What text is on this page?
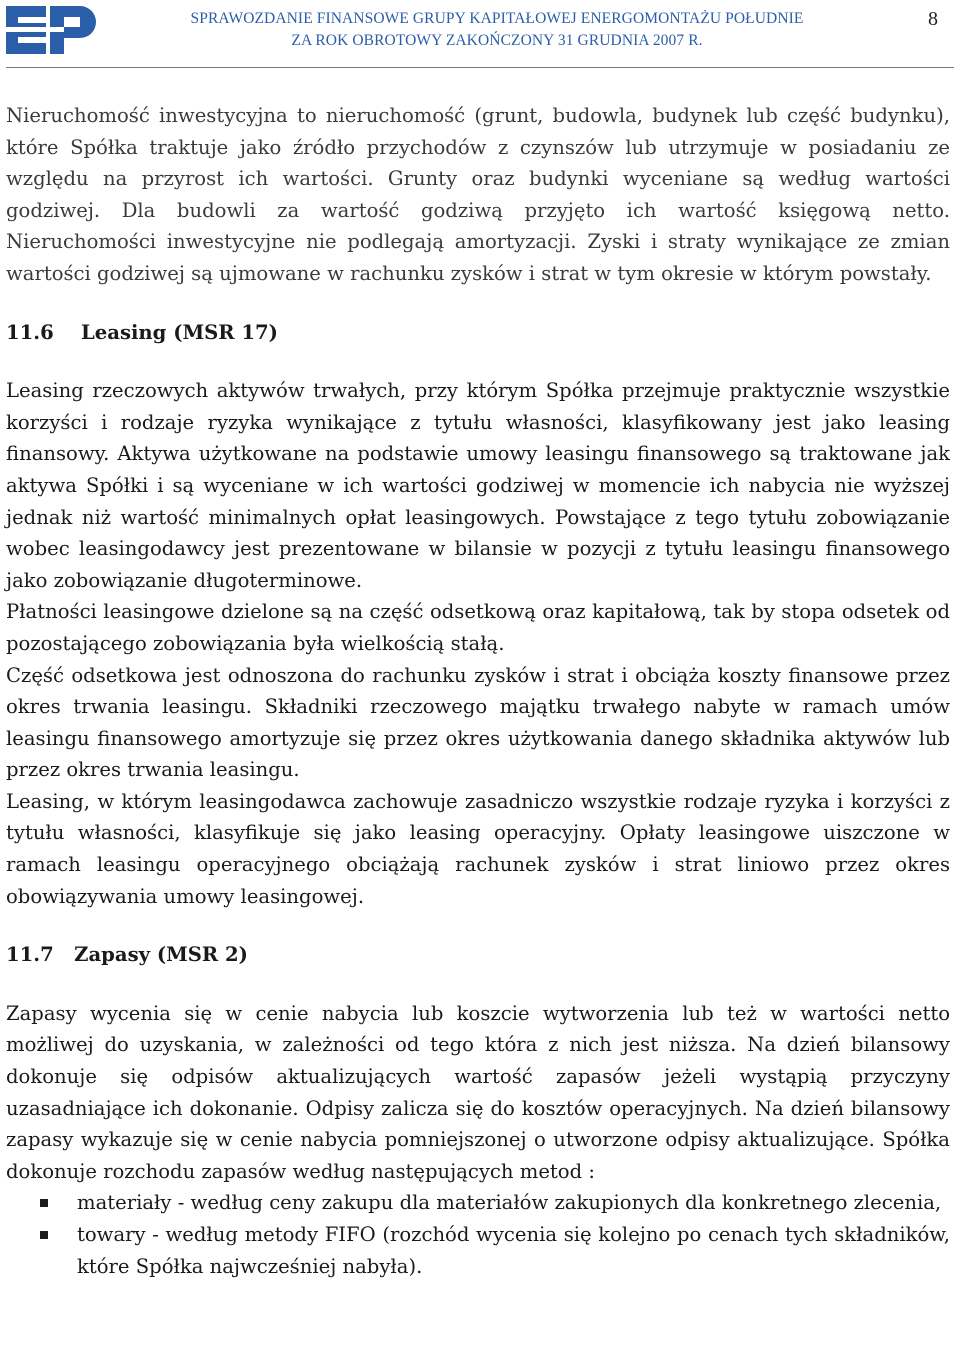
SPRAWOZDANIE FINANSOWE GRUPY KAPITAŁOWEJ ENERGOMONTAŻU POŁUDNIE
ZA ROK OBROTOWY ZAKOŃCZONY 31 GRUDNIA 2007 R.
8

Nieruchomość inwestycyjna to nieruchomość (grunt, budowla, budynek lub część budynku), które Spółka traktuje jako źródło przychodów z czynszów lub utrzymuje w posiadaniu ze względu na przyrost ich wartości. Grunty oraz budynki wyceniane są według wartości godziwej. Dla budowli za wartość godziwą przyjęto ich wartość księgową netto. Nieruchomości inwestycyjne nie podlegają amortyzacji. Zyski i straty wynikające ze zmian wartości godziwej są ujmowane w rachunku zysków i strat w tym okresie w którym powstały.

11.6    Leasing (MSR 17)

Leasing rzeczowych aktywów trwałych, przy którym Spółka przejmuje praktycznie wszystkie korzyści i rodzaje ryzyka wynikające z tytułu własności, klasyfikowany jest jako leasing finansowy. Aktywa użytkowane na podstawie umowy leasingu finansowego są traktowane jak aktywa Spółki i są wyceniane w ich wartości godziwej w momencie ich nabycia nie wyższej jednak niż wartość minimalnych opłat leasingowych. Powstające z tego tytułu zobowiązanie wobec leasingodawcy jest prezentowane w bilansie w pozycji z tytułu leasingu finansowego jako zobowiązanie długoterminowe.

Płatności leasingowe dzielone są na część odsetkową oraz kapitałową, tak by stopa odsetek od pozostającego zobowiązania była wielkością stałą.

Część odsetkowa jest odnoszona do rachunku zysków i strat i obciąża koszty finansowe przez okres trwania leasingu. Składniki rzeczowego majątku trwałego nabyte w ramach umów leasingu finansowego amortyzuje się przez okres użytkowania danego składnika aktywów lub przez okres trwania leasingu.

Leasing, w którym leasingodawca zachowuje zasadniczo wszystkie rodzaje ryzyka i korzyści z tytułu własności, klasyfikuje się jako leasing operacyjny. Opłaty leasingowe uiszczone w ramach leasingu operacyjnego obciążają rachunek zysków i strat liniowo przez okres obowiązywania umowy leasingowej.

11.7   Zapasy (MSR 2)

Zapasy wycenia się w cenie nabycia lub koszcie wytworzenia lub też w wartości netto możliwej do uzyskania, w zależności od tego która z nich jest niższa. Na dzień bilansowy dokonuje się odpisów aktualizujących wartość zapasów jeżeli wystąpią przyczyny uzasadniające ich dokonanie. Odpisy zalicza się do kosztów operacyjnych. Na dzień bilansowy zapasy wykazuje się w cenie nabycia pomniejszonej o utworzone odpisy aktualizujące. Spółka dokonuje rozchodu zapasów według następujących metod :

materiały - według ceny zakupu dla materiałów zakupionych dla konkretnego zlecenia,
towary - według metody FIFO (rozchód wycenia się kolejno po cenach tych składników, które Spółka najwcześniej nabyła).
